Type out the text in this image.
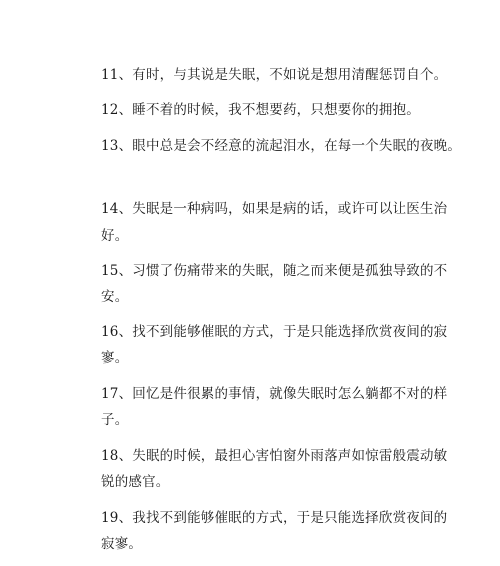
11、有时，与其说是失眠，不如说是想用清醒惩罚自个。
12、睡不着的时候，我不想要药，只想要你的拥抱。
13、眼中总是会不经意的流起泪水，在每一个失眠的夜晚。
14、失眠是一种病吗，如果是病的话，或许可以让医生治
好。
15、习惯了伤痛带来的失眠，随之而来便是孤独导致的不
安。
16、找不到能够催眠的方式，于是只能选择欣赏夜间的寂
寥。
17、回忆是件很累的事情，就像失眠时怎么躺都不对的样
子。
18、失眠的时候，最担心害怕窗外雨落声如惊雷般震动敏
锐的感官。
19、我找不到能够催眠的方式，于是只能选择欣赏夜间的
寂寥。
